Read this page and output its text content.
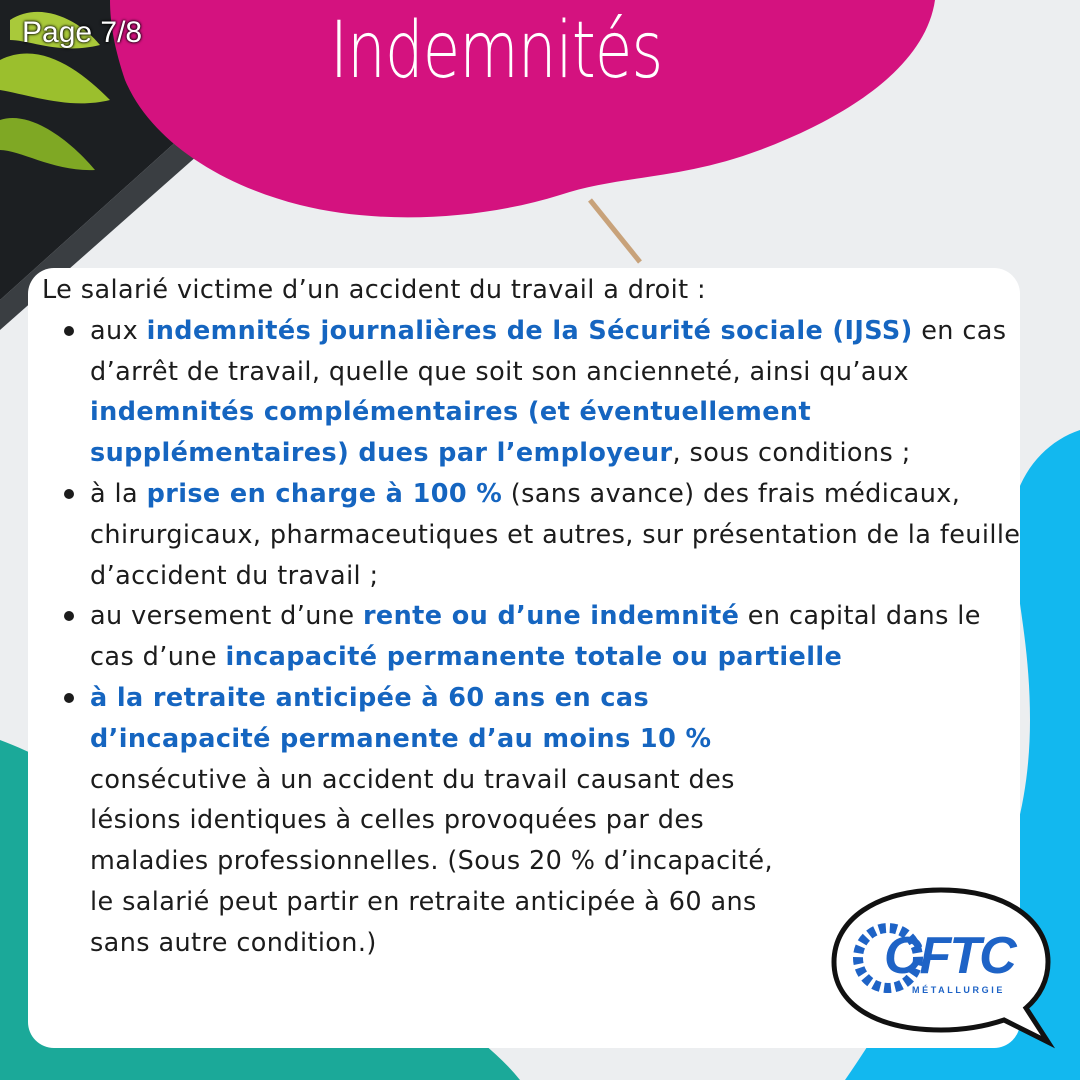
Page 7/8 Indemnités

Le salarié victime d’un accident du travail a droit :

aux indemnités journalières de la Sécurité sociale (IJSS) en cas d’arrêt de travail, quelle que soit son ancienneté, ainsi qu’aux indemnités complémentaires (et éventuellement supplémentaires) dues par l’employeur, sous conditions ;
à la prise en charge à 100 % (sans avance) des frais médicaux, chirurgicaux, pharmaceutiques et autres, sur présentation de la feuille d’accident du travail ;
au versement d’une rente ou d’une indemnité en capital dans le cas d’une incapacité permanente totale ou partielle
à la retraite anticipée à 60 ans en cas d’incapacité permanente d’au moins 10 % consécutive à un accident du travail causant des lésions identiques à celles provoquées par des maladies professionnelles. (Sous 20 % d’incapacité, le salarié peut partir en retraite anticipée à 60 ans sans autre condition.)	CFTC
MÉTALLURGIE
